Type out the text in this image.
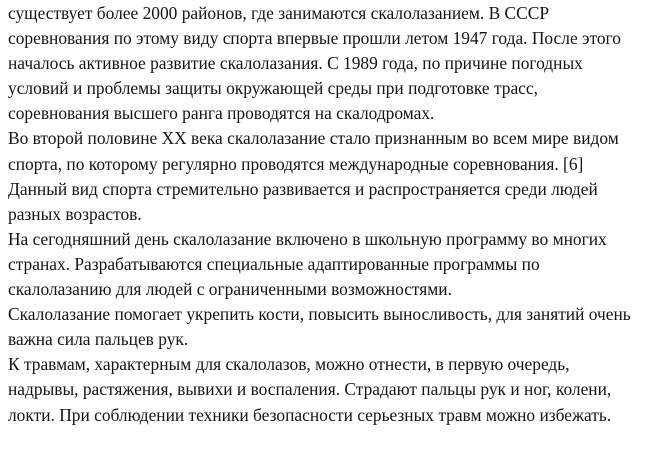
существует более 2000 районов, где занимаются скалолазанием. В СССР
соревнования по этому виду спорта впервые прошли летом 1947 года. После этого
началось активное развитие скалолазания. С 1989 года, по причине погодных
условий и проблемы защиты окружающей среды при подготовке трасс,
соревнования высшего ранга проводятся на скалодромах.
Во второй половине XX века скалолазание стало признанным во всем мире видом
спорта, по которому регулярно проводятся международные соревнования. [6]
Данный вид спорта стремительно развивается и распространяется среди людей
разных возрастов.
На сегодняшний день скалолазание включено в школьную программу во многих
странах. Разрабатываются специальные адаптированные программы по
скалолазанию для людей с ограниченными возможностями.
Скалолазание помогает укрепить кости, повысить выносливость, для занятий очень
важна сила пальцев рук.
К травмам, характерным для скалолазов, можно отнести, в первую очередь,
надрывы, растяжения, вывихи и воспаления. Страдают пальцы рук и ног, колени,
локти. При соблюдении техники безопасности серьезных травм можно избежать.
